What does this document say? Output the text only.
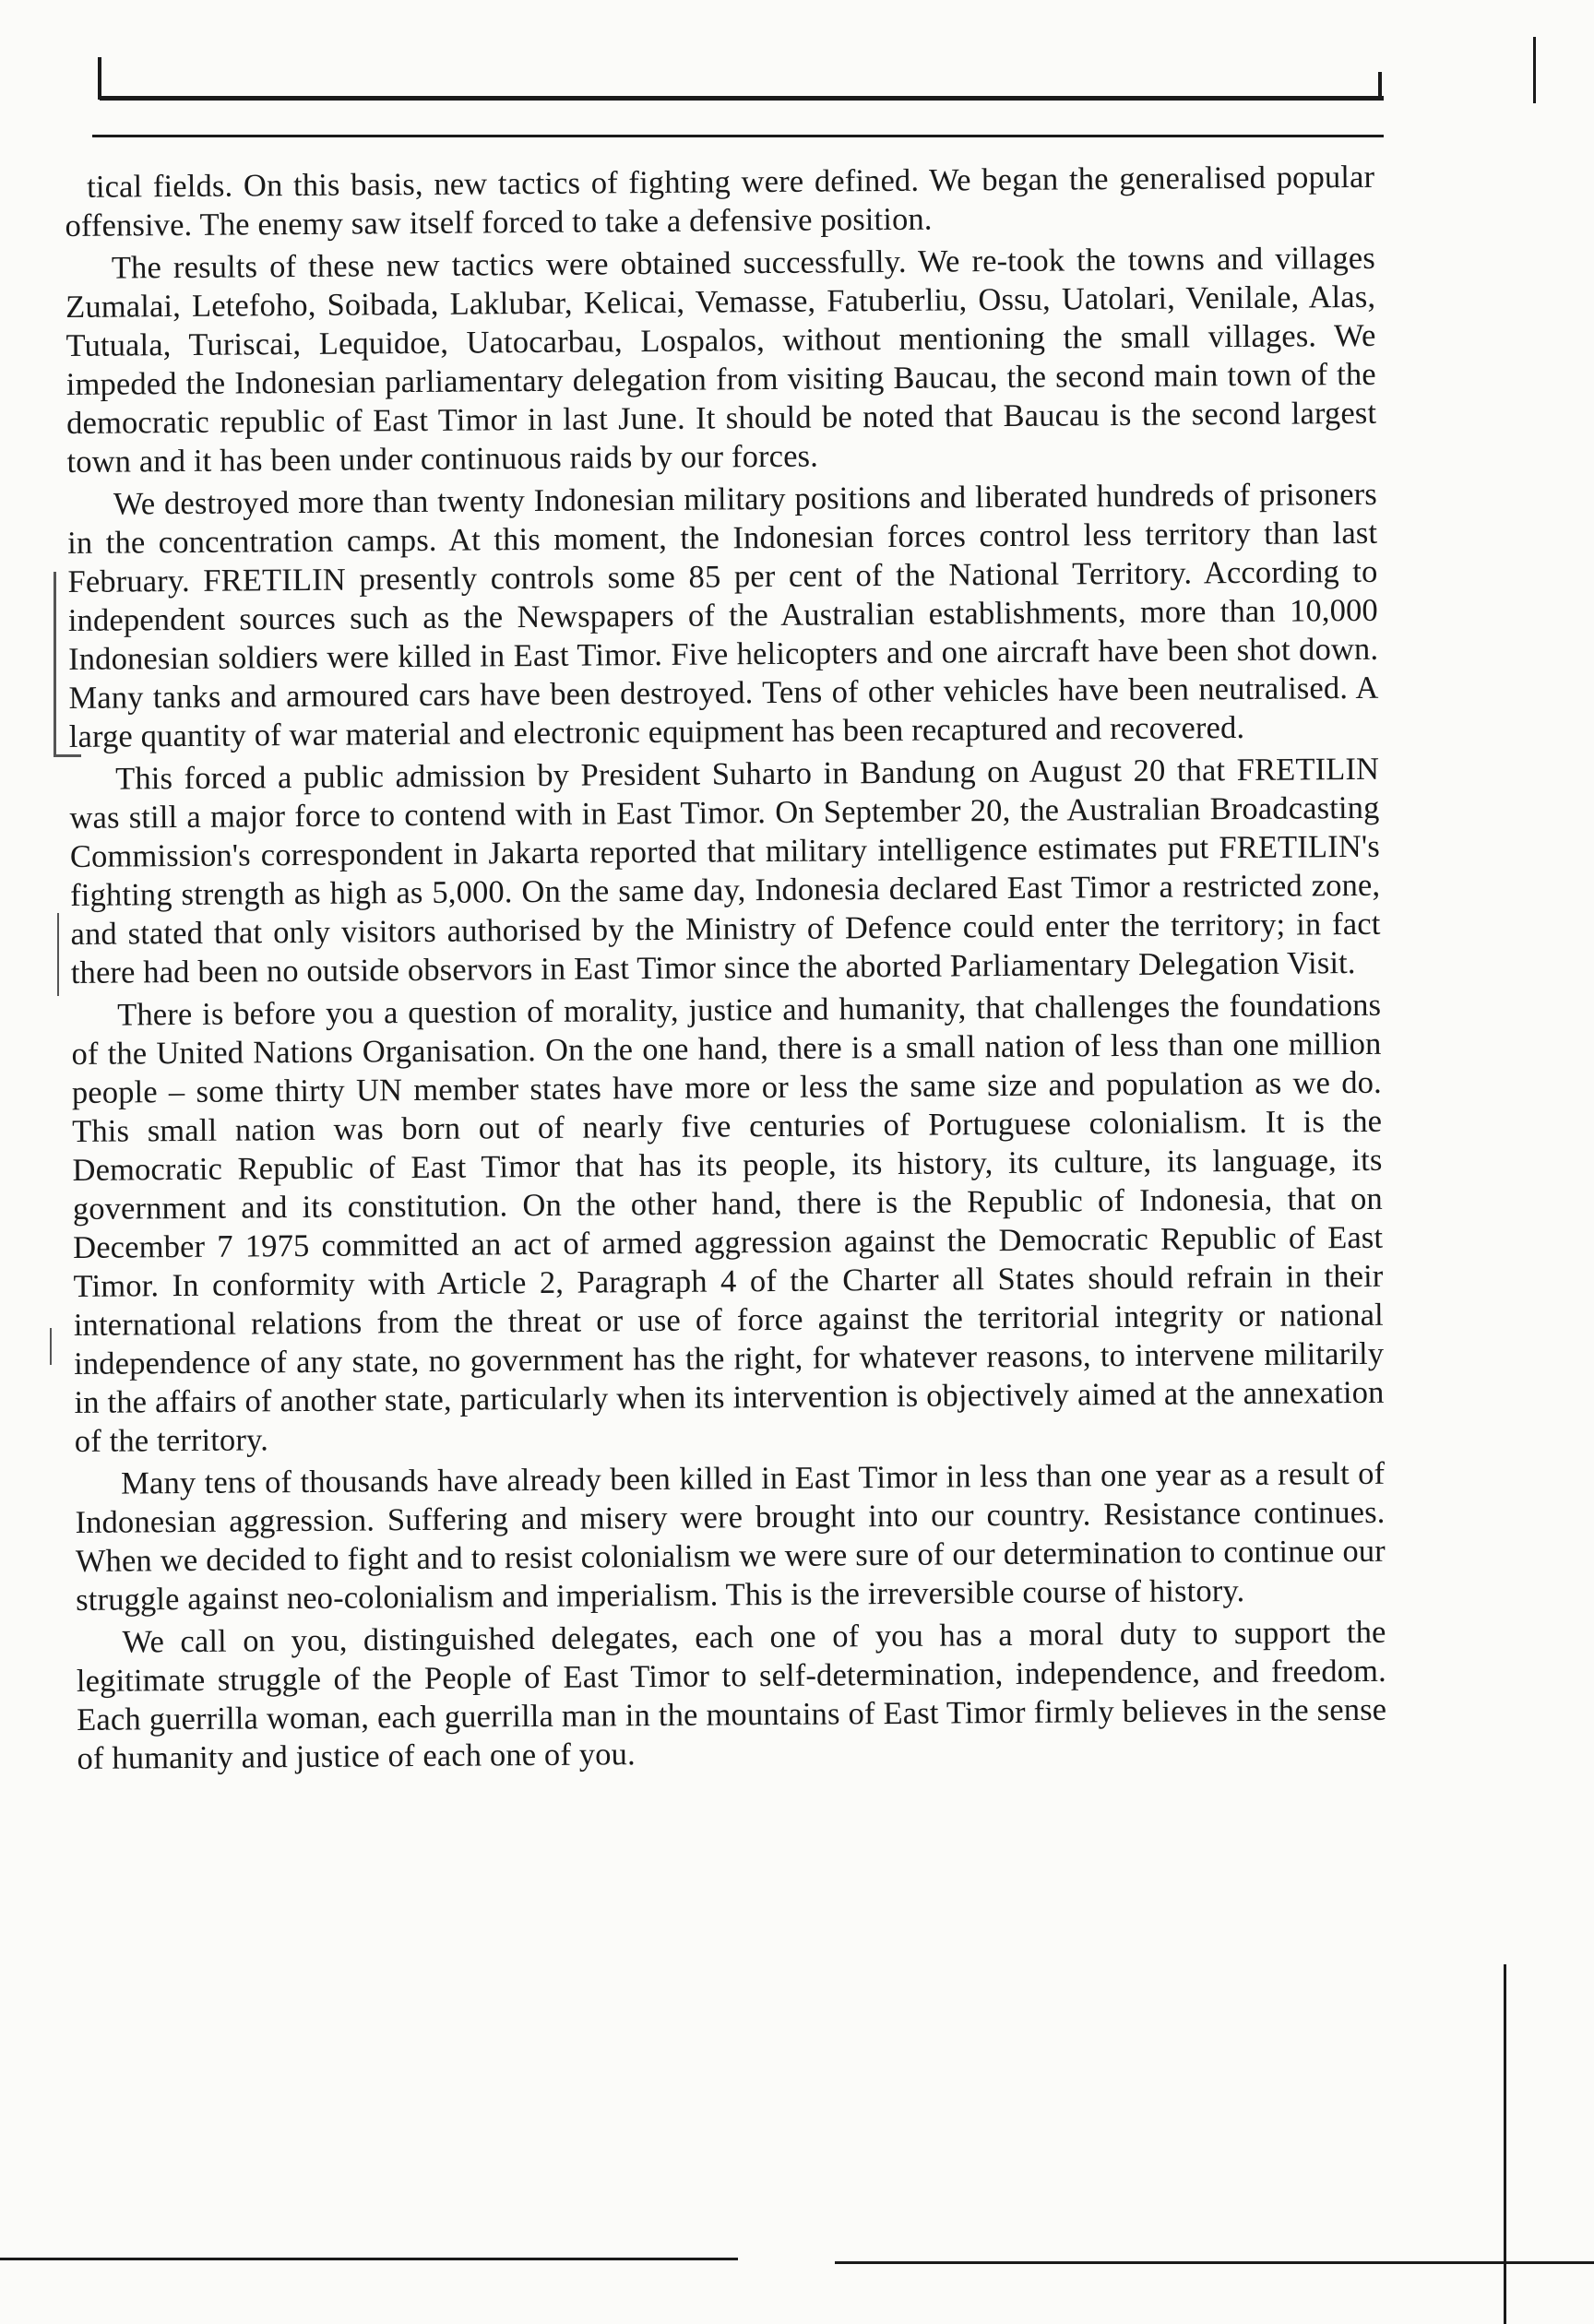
tical fields. On this basis, new tactics of fighting were defined. We began the generalised popular offensive. The enemy saw itself forced to take a defensive position.

The results of these new tactics were obtained successfully. We re-took the towns and villages Zumalai, Letefoho, Soibada, Laklubar, Kelicai, Vemasse, Fatuberliu, Ossu, Uatolari, Venilale, Alas, Tutuala, Turiscai, Lequidoe, Uatocarbau, Lospalos, without mentioning the small villages. We impeded the Indonesian parliamentary delegation from visiting Baucau, the second main town of the democratic republic of East Timor in last June. It should be noted that Baucau is the second largest town and it has been under continuous raids by our forces.

We destroyed more than twenty Indonesian military positions and liberated hundreds of prisoners in the concentration camps. At this moment, the Indonesian forces control less territory than last February. FRETILIN presently controls some 85 per cent of the National Territory. According to independent sources such as the Newspapers of the Australian establishments, more than 10,000 Indonesian soldiers were killed in East Timor. Five helicopters and one aircraft have been shot down. Many tanks and armoured cars have been destroyed. Tens of other vehicles have been neutralised. A large quantity of war material and electronic equipment has been recaptured and recovered.

This forced a public admission by President Suharto in Bandung on August 20 that FRETILIN was still a major force to contend with in East Timor. On September 20, the Australian Broadcasting Commission's correspondent in Jakarta reported that military intelligence estimates put FRETILIN's fighting strength as high as 5,000. On the same day, Indonesia declared East Timor a restricted zone, and stated that only visitors authorised by the Ministry of Defence could enter the territory; in fact there had been no outside observors in East Timor since the aborted Parliamentary Delegation Visit.

There is before you a question of morality, justice and humanity, that challenges the foundations of the United Nations Organisation. On the one hand, there is a small nation of less than one million people – some thirty UN member states have more or less the same size and population as we do. This small nation was born out of nearly five centuries of Portuguese colonialism. It is the Democratic Republic of East Timor that has its people, its history, its culture, its language, its government and its constitution. On the other hand, there is the Republic of Indonesia, that on December 7 1975 committed an act of armed aggression against the Democratic Republic of East Timor. In conformity with Article 2, Paragraph 4 of the Charter all States should refrain in their international relations from the threat or use of force against the territorial integrity or national independence of any state, no government has the right, for whatever reasons, to intervene militarily in the affairs of another state, particularly when its intervention is objectively aimed at the annexation of the territory.

Many tens of thousands have already been killed in East Timor in less than one year as a result of Indonesian aggression. Suffering and misery were brought into our country. Resistance continues. When we decided to fight and to resist colonialism we were sure of our determination to continue our struggle against neo-colonialism and imperialism. This is the irreversible course of history.

We call on you, distinguished delegates, each one of you has a moral duty to support the legitimate struggle of the People of East Timor to self-determination, independence, and freedom. Each guerrilla woman, each guerrilla man in the mountains of East Timor firmly believes in the sense of humanity and justice of each one of you.
